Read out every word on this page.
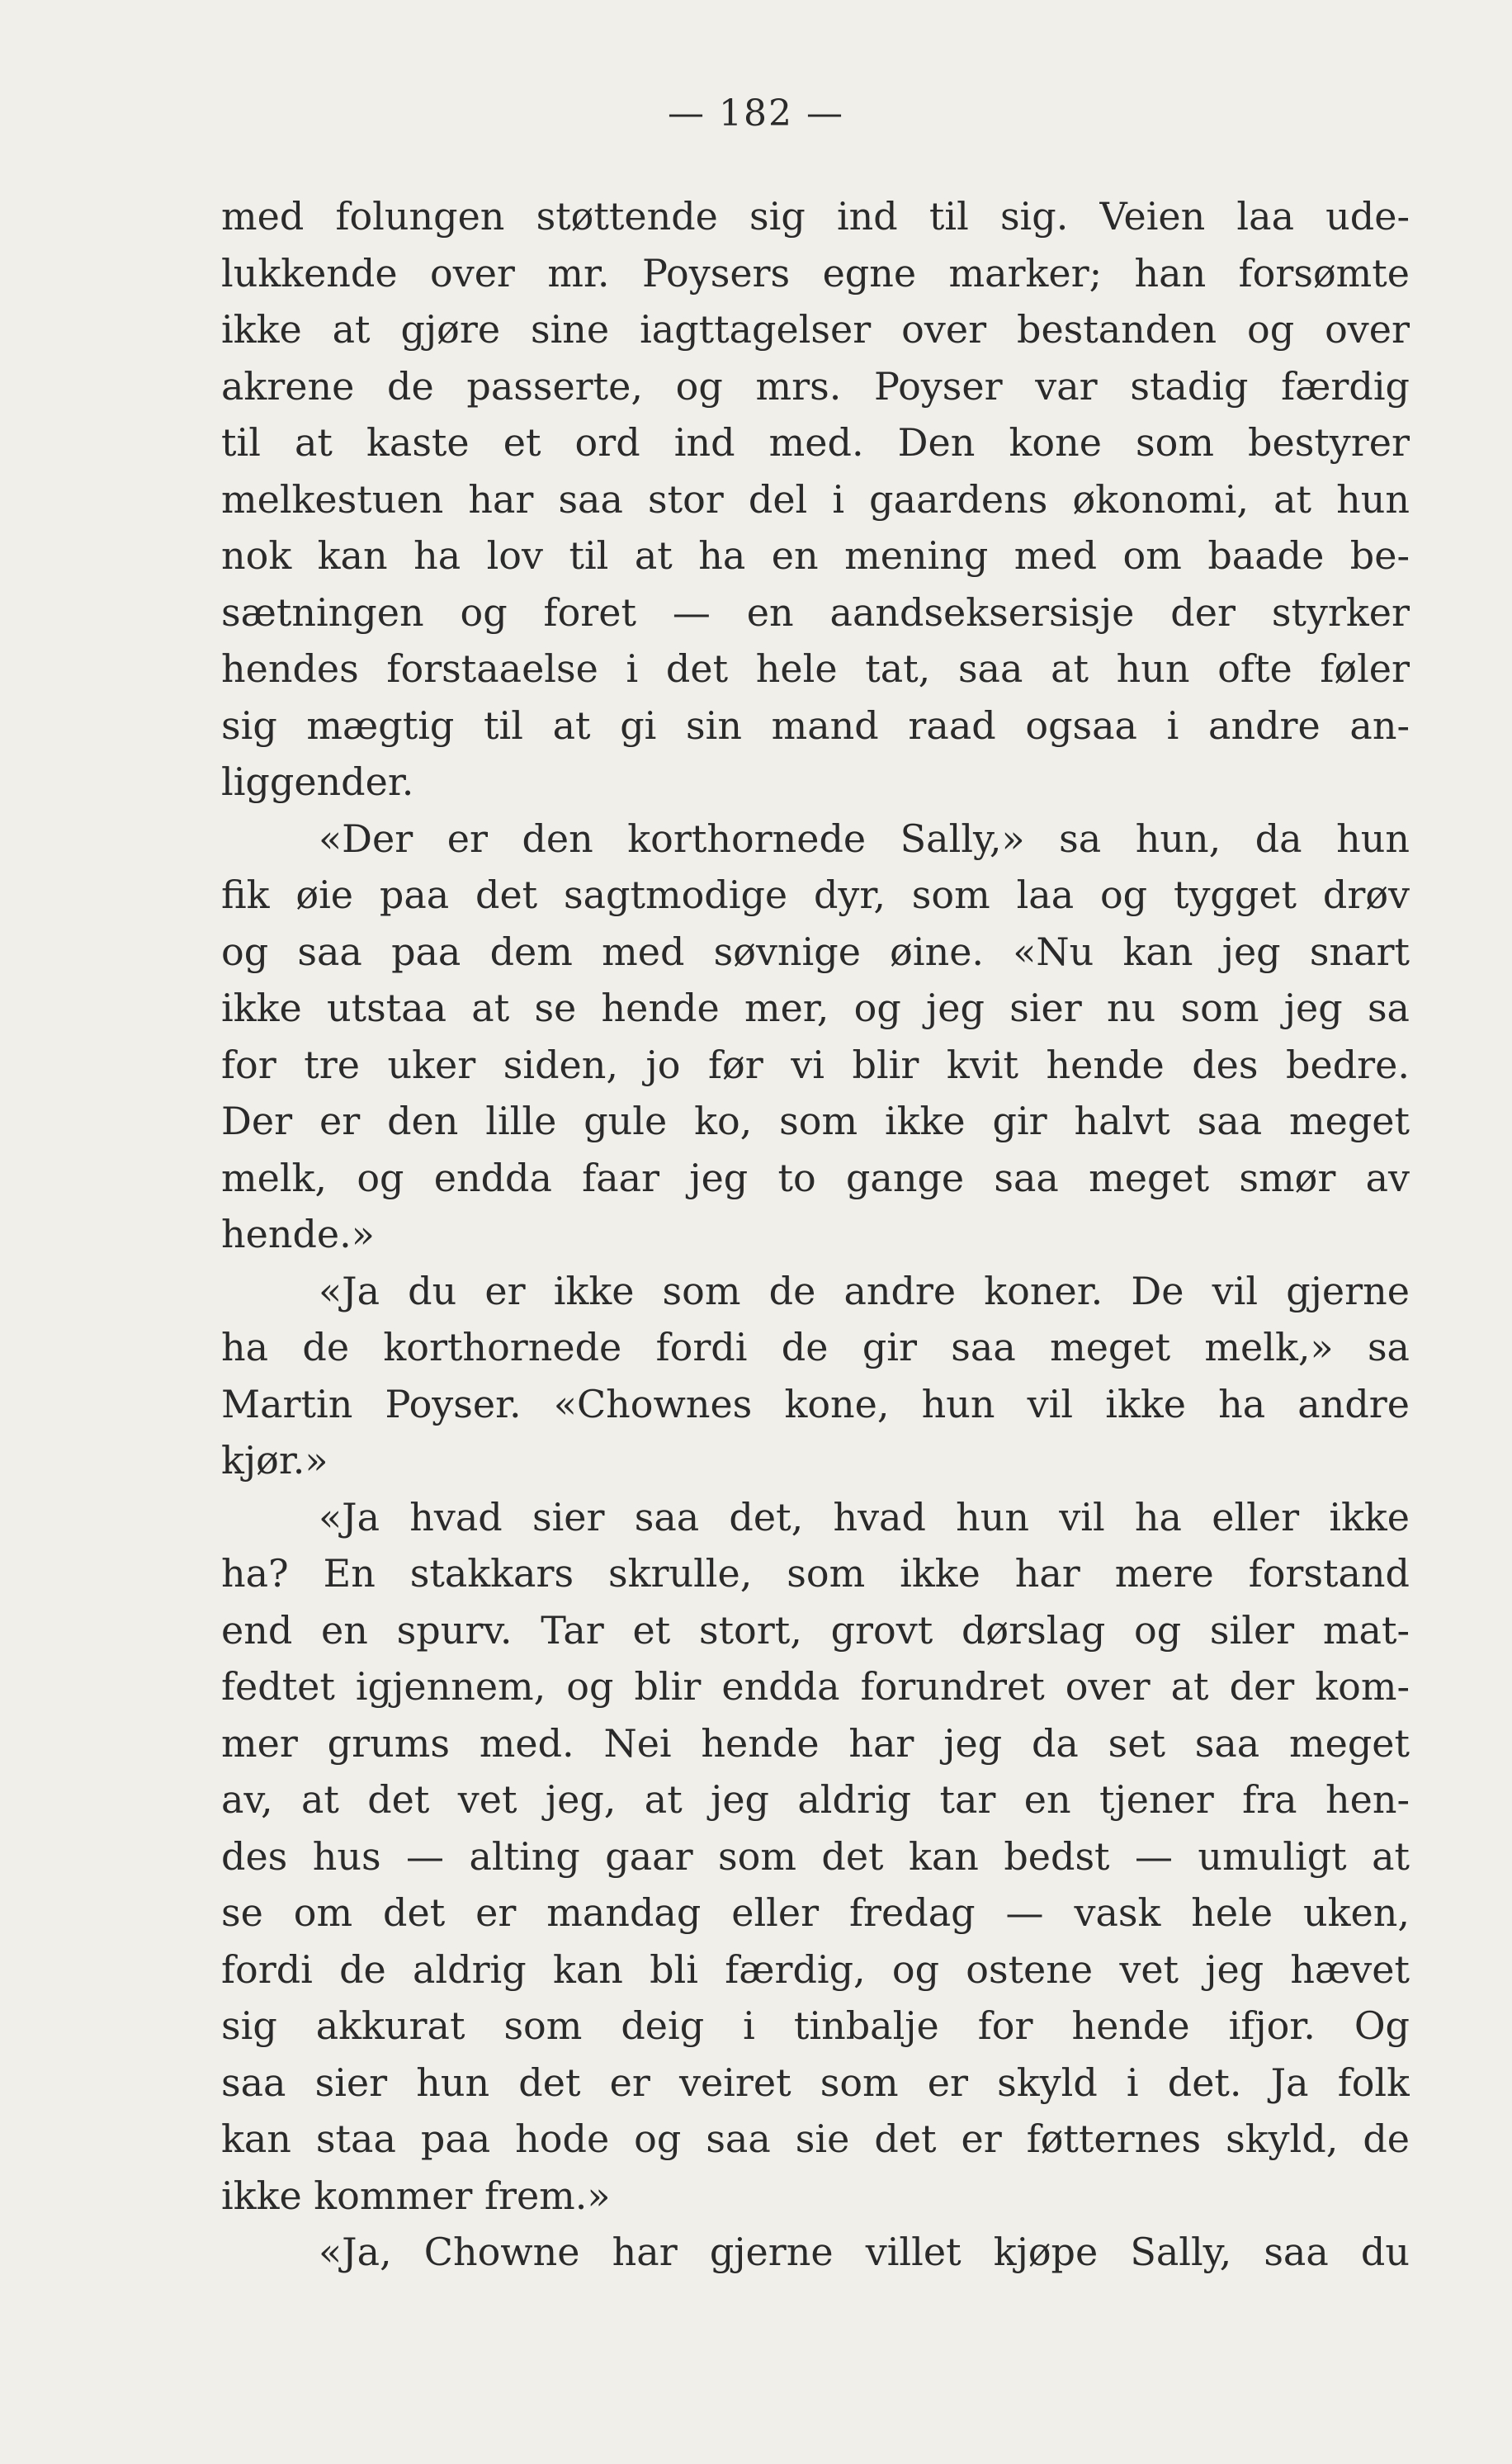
— 182 —
med folungen støttende sig ind til sig. Veien laa ude-
lukkende over mr. Poysers egne marker; han forsømte
ikke at gjøre sine iagttagelser over bestanden og over
akrene de passerte, og mrs. Poyser var stadig færdig
til at kaste et ord ind med. Den kone som bestyrer
melkestuen har saa stor del i gaardens økonomi, at hun
nok kan ha lov til at ha en mening med om baade be-
sætningen og foret — en aandseksersisje der styrker
hendes forstaaelse i det hele tat, saa at hun ofte føler
sig mægtig til at gi sin mand raad ogsaa i andre an-
liggender.
«Der er den korthornede Sally,» sa hun, da hun
fik øie paa det sagtmodige dyr, som laa og tygget drøv
og saa paa dem med søvnige øine. «Nu kan jeg snart
ikke utstaa at se hende mer, og jeg sier nu som jeg sa
for tre uker siden, jo før vi blir kvit hende des bedre.
Der er den lille gule ko, som ikke gir halvt saa meget
melk, og endda faar jeg to gange saa meget smør av
hende.»
«Ja du er ikke som de andre koner. De vil gjerne
ha de korthornede fordi de gir saa meget melk,» sa
Martin Poyser. «Chownes kone, hun vil ikke ha andre
kjør.»
«Ja hvad sier saa det, hvad hun vil ha eller ikke
ha? En stakkars skrulle, som ikke har mere forstand
end en spurv. Tar et stort, grovt dørslag og siler mat-
fedtet igjennem, og blir endda forundret over at der kom-
mer grums med. Nei hende har jeg da set saa meget
av, at det vet jeg, at jeg aldrig tar en tjener fra hen-
des hus — alting gaar som det kan bedst — umuligt at
se om det er mandag eller fredag — vask hele uken,
fordi de aldrig kan bli færdig, og ostene vet jeg hævet
sig akkurat som deig i tinbalje for hende ifjor. Og
saa sier hun det er veiret som er skyld i det. Ja folk
kan staa paa hode og saa sie det er føtternes skyld, de
ikke kommer frem.»
«Ja, Chowne har gjerne villet kjøpe Sally, saa du
